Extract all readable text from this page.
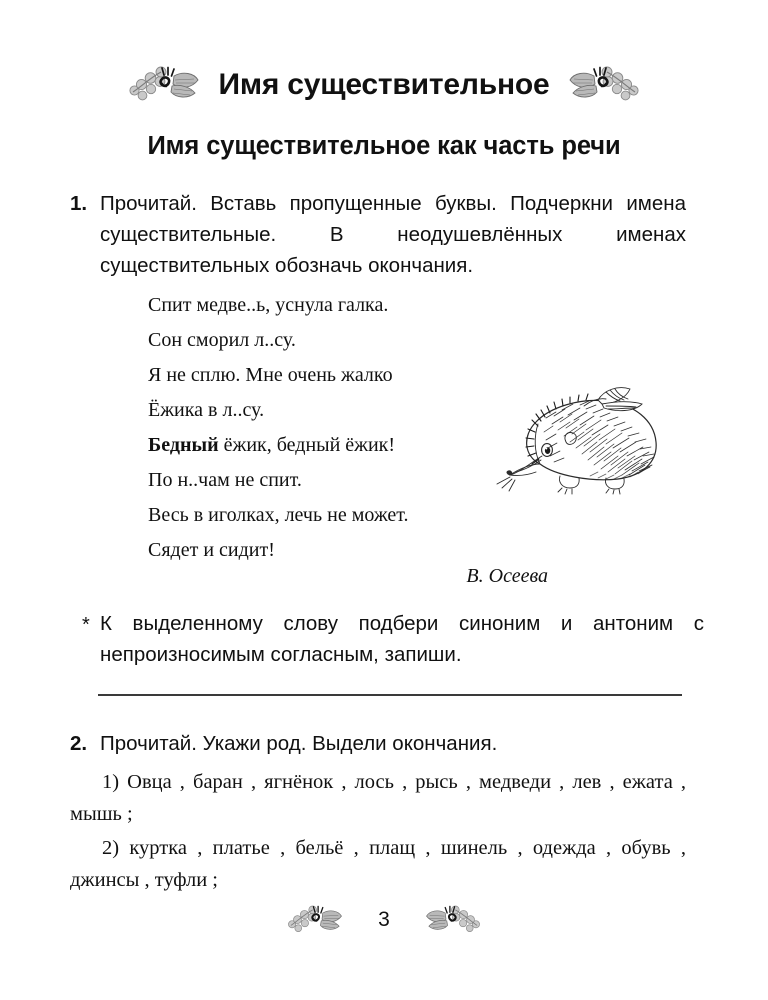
Имя существительное
Имя существительное как часть речи
1. Прочитай. Вставь пропущенные буквы. Подчеркни имена существительные. В неодушевлённых именах существительных обозначь окончания.
Спит медве..ь, уснула галка.
Сон сморил л..су.
Я не сплю. Мне очень жалко
Ёжика в л..су.
Бедный ёжик, бедный ёжик!
По н..чам не спит.
Весь в иголках, лечь не может.
Сядет и сидит!
В. Осеева
* К выделенному слову подбери синоним и антоним с непроизносимым согласным, запиши.
2. Прочитай. Укажи род. Выдели окончания.
1) Овца , баран , ягнёнок , лось , рысь , медведи , лев , ежата , мышь ;
2) куртка , платье , бельё , плащ , шинель , одежда , обувь , джинсы , туфли ;
3
